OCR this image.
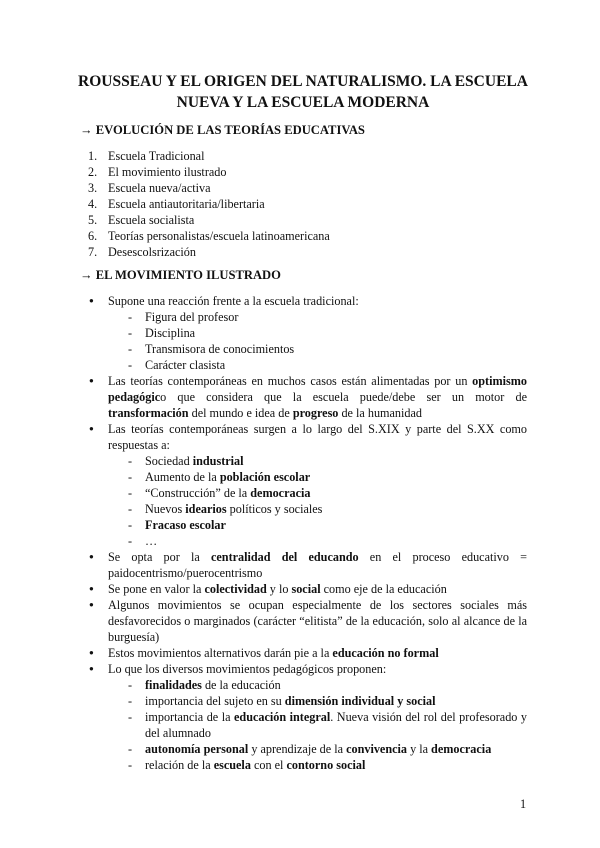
ROUSSEAU Y EL ORIGEN DEL NATURALISMO. LA ESCUELA NUEVA Y LA ESCUELA MODERNA
→ EVOLUCIÓN DE LAS TEORÍAS EDUCATIVAS
1. Escuela Tradicional
2. El movimiento ilustrado
3. Escuela nueva/activa
4. Escuela antiautoritaria/libertaria
5. Escuela socialista
6. Teorías personalistas/escuela latinoamericana
7. Desescolsrización
→ EL MOVIMIENTO ILUSTRADO
● Supone una reacción frente a la escuela tradicional:
- Figura del profesor
- Disciplina
- Transmisora de conocimientos
- Carácter clasista
● Las teorías contemporáneas en muchos casos están alimentadas por un optimismo pedagógico que considera que la escuela puede/debe ser un motor de transformación del mundo e idea de progreso de la humanidad
● Las teorías contemporáneas surgen a lo largo del S.XIX y parte del S.XX como respuestas a:
- Sociedad industrial
- Aumento de la población escolar
- “Construcción” de la democracia
- Nuevos idearios políticos y sociales
- Fracaso escolar
- …
● Se opta por la centralidad del educando en el proceso educativo = paidocentrismo/puerocentrismo
● Se pone en valor la colectividad y lo social como eje de la educación
● Algunos movimientos se ocupan especialmente de los sectores sociales más desfavorecidos o marginados (carácter “elitista” de la educación, solo al alcance de la burguesía)
● Estos movimientos alternativos darán pie a la educación no formal
● Lo que los diversos movimientos pedagógicos proponen:
- finalidades de la educación
- importancia del sujeto en su dimensión individual y social
- importancia de la educación integral. Nueva visión del rol del profesorado y del alumnado
- autonomía personal y aprendizaje de la convivencia y la democracia
- relación de la escuela con el contorno social
1
